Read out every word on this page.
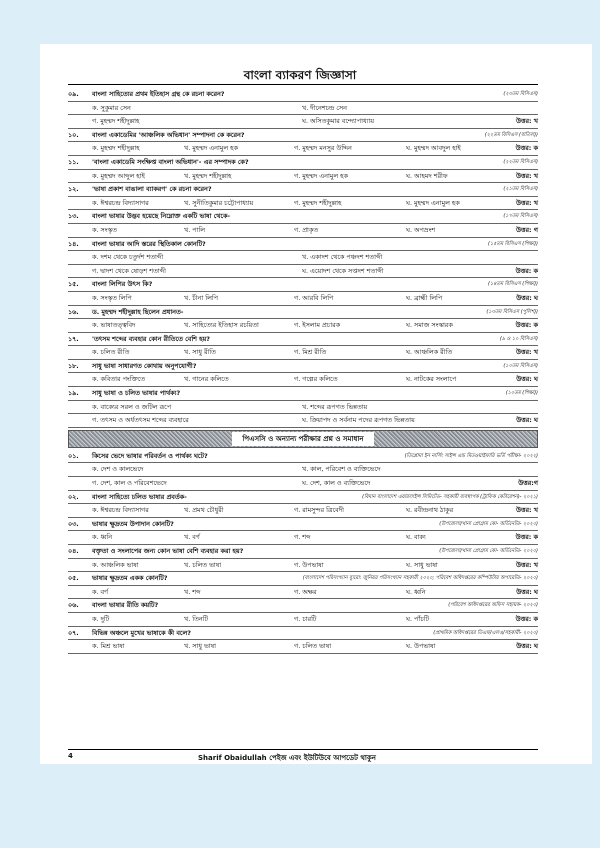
বাংলা ব্যাকরণ জিজ্ঞাসা
০৯.	বাংলা সাহিত্যের প্রথম ইতিহাস গ্রন্থ কে রচনা করেন?	(২৩তম বিসিএস)
ক. সুকুমার সেন	খ. দীনেশচন্দ্র সেন
গ. মুহম্মদ শহীদুল্লাহ	ঘ. অসিতকুমার বন্দ্যোপাধ্যায়	উত্তর: খ
১০.	বাংলা একাডেমির 'আঞ্চলিক অভিধান' সম্পাদনা কে করেন?	(২২তম বিসিএস (বাতিল))
ক. মুহম্মদ শহীদুল্লাহ	খ. মুহম্মদ এনামুল হক	গ. মুহম্মদ মনসুর উদ্দিন	ঘ. মুহম্মদ আবদুল হাই	উত্তর: ক
১১.	'বাংলা একাডেমি সংক্ষিপ্ত বাংলা অভিধান'- এর সম্পাদক কে?	(২২তম বিসিএস)
ক. মুহম্মদ আব্দুল হাই	খ. মুহম্মদ শহীদুল্লাহ	গ. মুহম্মদ এনামুল হক	ঘ. আহমদ শরীফ	উত্তর: খ
১২.	'ভাষা প্রকাশ বাঙালা ব্যাকরণ' কে রচনা করেন?	(২১তম বিসিএস)
ক. ঈশ্বরচন্দ্র বিদ্যাসাগর	খ. সুনীতিকুমার চট্টোপাধ্যায়	গ. মুহম্মদ শহীদুল্লাহ	ঘ. মুহম্মদ এনামুল হক	উত্তর: খ
১৩.	বাংলা ভাষার উদ্ভব হয়েছে নিম্নোক্ত একটি ভাষা থেকে-	(১৭তম বিসিএস)
ক. সংস্কৃত	খ. পালি	গ. প্রাকৃত	ঘ. অপভ্রংশ	উত্তর: গ
১৪.	বাংলা ভাষার আদি স্তরের স্থিতিকাল কোনটি?	(১৫তম বিসিএস (শিক্ষা))
ক. দশম থেকে চতুর্দশ শতাব্দী	খ. একাদশ থেকে পঞ্চদশ শতাব্দী
গ. দ্বাদশ থেকে ষোড়শ শতাব্দী	ঘ. এয়োদশ থেকে সপ্তদশ শতাব্দী	উত্তর: ক
১৫.	বাংলা লিপির উৎস কি?	(১৪তম বিসিএস (শিক্ষা))
ক. সংস্কৃত লিপি	খ. চীনা লিপি	গ. আরবি লিপি	ঘ. ব্রাহ্মী লিপি	উত্তর: ঘ
১৬.	ড. মুহম্মদ শহীদুল্লাহ ছিলেন প্রধানত-	(১৩তম বিসিএস (পুলিশ))
ক. ভাষাতত্ত্ববিদ	খ. সাহিত্যের ইতিহাস রচয়িতা	গ. ইসলাম প্রচারক	ঘ. সমাজ সংস্কারক	উত্তর: ক
১৭.	'তৎসম শব্দের ব্যবহার কোন রীতিতে বেশি হয়?	(৯ ও ১০ বিসিএস)
ক. চলিত রীতি	খ. সাধু রীতি	গ. মিশ্র রীতি	ঘ. আঞ্চলিক রীতি	উত্তর: খ
১৮.	সাধু ভাষা সাধারণত কোথায় অনুপযোগী?	(১০তম বিসিএস)
ক. কবিতার পংক্তিতে	খ. গানের কলিতে	গ. গল্পের কলিতে	ঘ. নাটকের সংলাপে	উত্তর: ঘ
১৯.	সাধু ভাষা ও চলিত ভাষার পার্থক্য?	(১০তম (শিক্ষা))
ক. বাক্যের সরল ও জটিল রূপে	খ. শব্দের রূপগত ভিন্নতায়
গ. তৎসম ও অর্ধতৎসম শব্দের ব্যবহারে	ঘ. ক্রিয়াপদ ও সর্বনাম পদের রূপগত ভিন্নতায়	উত্তর: ঘ
পিএসসি ও অন্যান্য পরীক্ষার প্রশ্ন ও সমাধান
০১.	কিসের ভেদে ভাষার পরিবর্তন ও পার্থক্য ঘটে?	(ডিপ্লোমা ইন নার্সিং সাইন্স এন্ড মিডওয়াইফারি ভর্তি পরীক্ষা- ২০২২)
ক. দেশ ও কালভেদে	খ. কাল, পরিবেশ ও ব্যক্তিভেদে
গ. দেশ, কাল ও পরিবেশভেদে	ঘ. দেশ, কাল ও ব্যক্তিভেদে	উত্তর:গ
০২.	বাংলা সাহিত্যে চলিত ভাষার প্রবর্তক-	(বিমান বাংলাদেশ এয়ারলাইন্স লিমিটেড- সহকারী ব্যবস্থাপক (ট্রাফিক কেটারেশন)- ২০২১)
ক. ঈশ্বরচন্দ্র বিদ্যাসাগর	খ. প্রমথ চৌধুরী	গ. রামসুন্দর ত্রিবেদী	ঘ. রবীন্দ্রনাথ ঠাকুর	উত্তর: খ
০৩.	ভাষার ক্ষুদ্রতম উপাদান কোনটি?	(উপজেলা/থানা প্রোগ্রাম কো- অর্ডিনেটর- ২০২০)
ক. ধ্বনি	খ. বর্ণ	গ. শব্দ	ঘ. বাক্য	উত্তর: ক
০৪.	বক্তৃতা ও সংলাপের জন্য কোন ভাষা বেশি ব্যবহার করা হয়?	(উপজেলা/থানা প্রোগ্রাম কো- অর্ডিনেটর- ২০২০)
ক. আঞ্চলিক ভাষা	খ. চলিত ভাষা	গ. উপভাষা	ঘ. সাধু ভাষা	উত্তর: খ
০৫.	ভাষার ক্ষুদ্রতম একক কোনটি?	(বাংলাদেশ পরিসংখ্যান ব্যুরো: জুনিয়র পরিসংখ্যান সহকারী ২০২০; পরিবেশ অধিদপ্তরের কম্পিউটার অপারেটর- ২০২০)
ক. বর্ণ	খ. শব্দ	গ. অক্ষর	ঘ. ধ্বনি	উত্তর: ঘ
০৬.	বাংলা ভাষার রীতি কয়টি?	(পরিবেশ অধিদপ্তরের অফিস সহায়ক- ২০২০)
ক. দুটি	খ. তিনটি	গ. চারটি	ঘ. পাঁচটি	উত্তর: ক
০৭.	বিভিন্ন অঞ্চলে মুখের ভাষাকে কী বলে?	(প্রাথমিক অধিদপ্তরের ডিএফ/এলএ/সহকারী- ২০২০)
ক. মিশ্র ভাষা	খ. সাধু ভাষা	গ. চলিত ভাষা	ঘ. উপভাষা	উত্তর: ঘ
4	Sharif Obaidullah পেইজ এবং ইউটিউবে আপডেট থাকুন
